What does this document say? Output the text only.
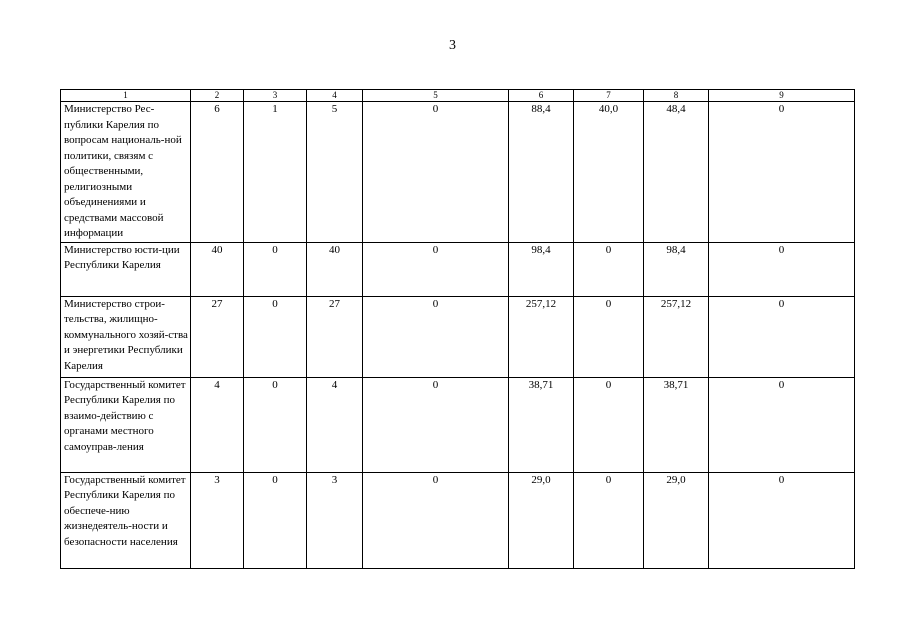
3
1	2	3	4	5	6	7	8	9
Министерство Рес-публики Карелия по вопросам националь-ной политики, связям с общественными, религиозными объединениями и средствами массовой информации	6	1	5	0	88,4	40,0	48,4	0
Министерство юсти-ции Республики Карелия	40	0	40	0	98,4	0	98,4	0
Министерство строи-тельства, жилищно-коммунального хозяй-ства и энергетики Республики Карелия	27	0	27	0	257,12	0	257,12	0
Государственный комитет Республики Карелия по взаимо-действию с органами местного самоуправ-ления	4	0	4	0	38,71	0	38,71	0
Государственный комитет Республики Карелия по обеспече-нию жизнедеятель-ности и безопасности населения	3	0	3	0	29,0	0	29,0	0
